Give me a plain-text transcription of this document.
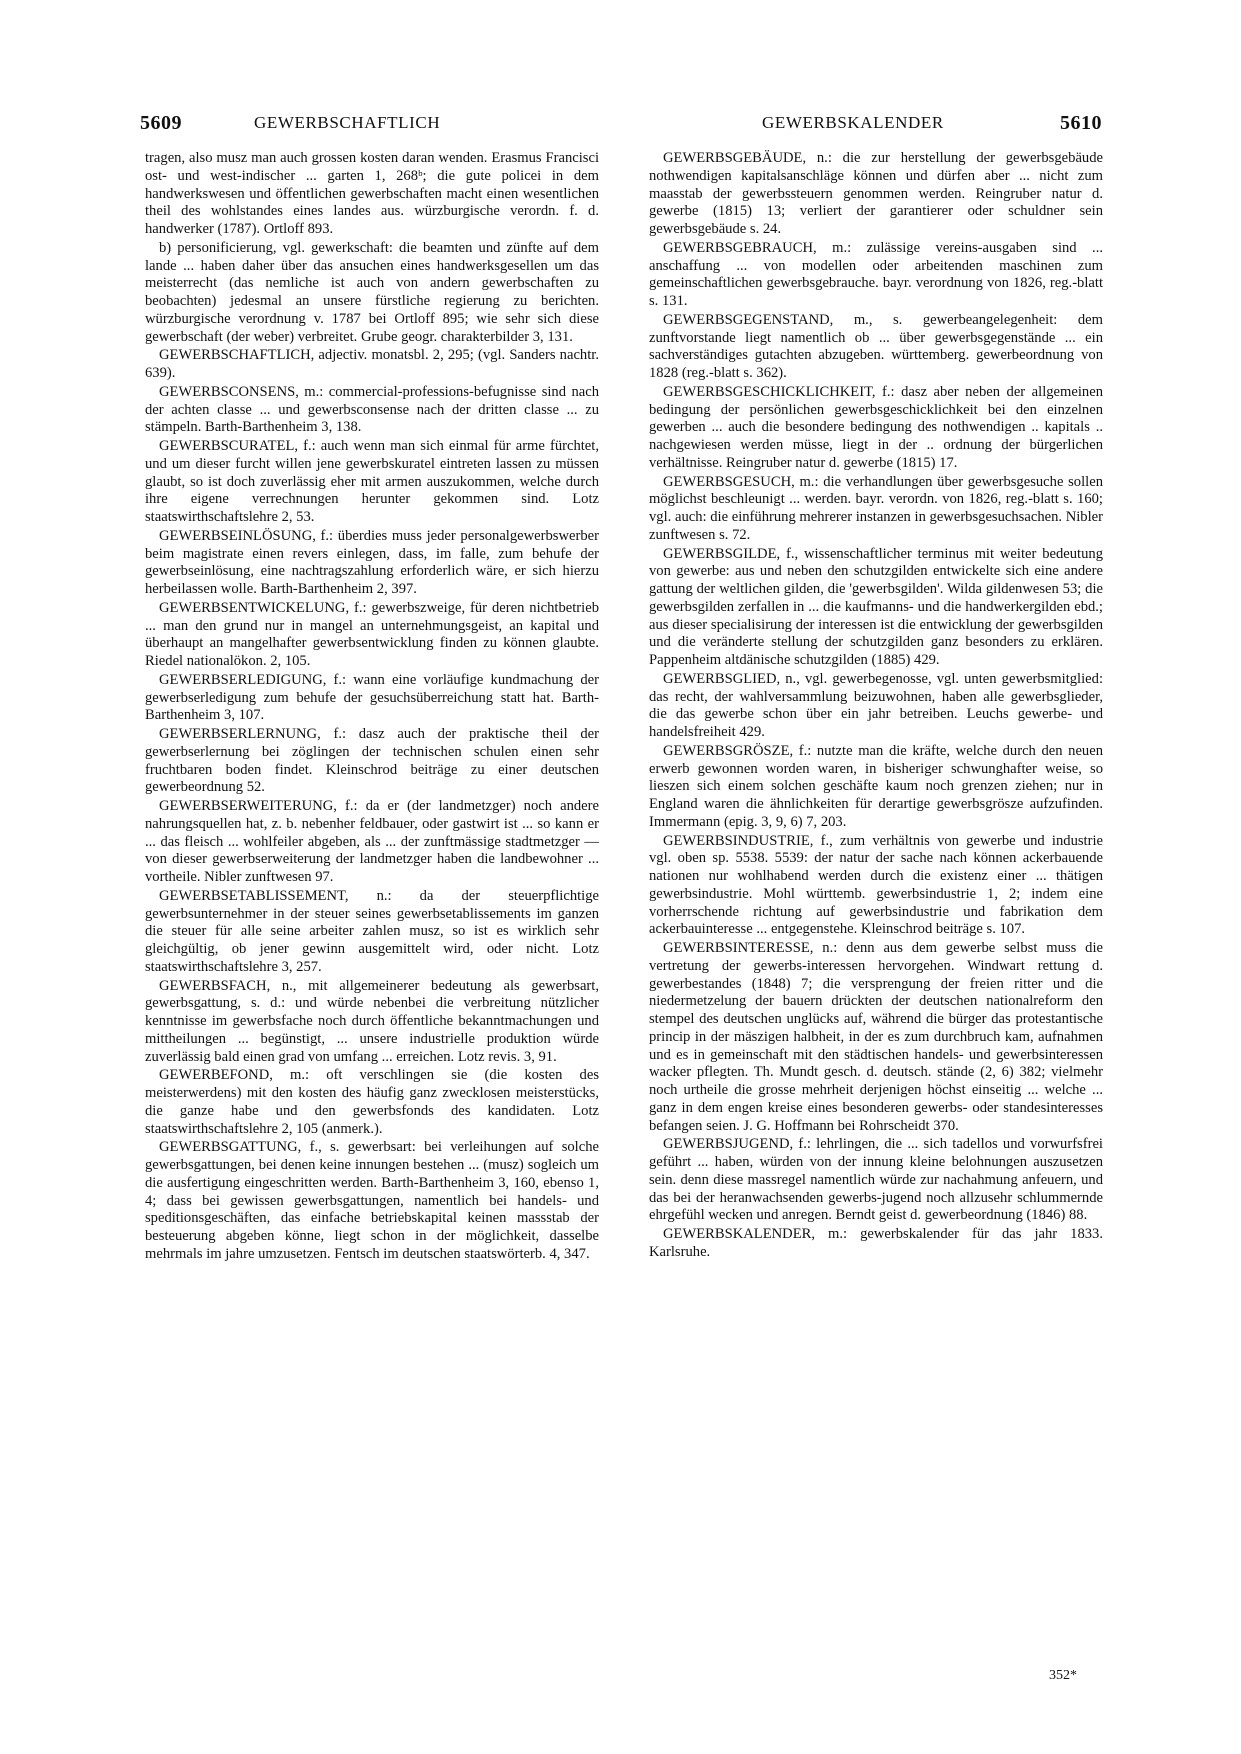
5609	GEWERBSCHAFTLICH	GEWERBSKALENDER	5610

tragen, also musz man auch grossen kosten daran wenden. Erasmus Francisci ost- und west-indischer ... garten 1, 268ᵇ; die gute policei in dem handwerkswesen und öffentlichen gewerbschaften macht einen wesentlichen theil des wohlstandes eines landes aus. würzburgische verordn. f. d. handwerker (1787). Ortloff 893.

b) personificierung, vgl. gewerkschaft: die beamten und zünfte auf dem lande ... haben daher über das ansuchen eines handwerksgesellen um das meisterrecht (das nemliche ist auch von andern gewerbschaften zu beobachten) jedesmal an unsere fürstliche regierung zu berichten. würzburgische verordnung v. 1787 bei Ortloff 895; wie sehr sich diese gewerbschaft (der weber) verbreitet. Grube geogr. charakterbilder 3, 131.

GEWERBSCHAFTLICH, adjectiv. monatsbl. 2, 295; (vgl. Sanders nachtr. 639).

GEWERBSCONSENS, m.: commercial-professions-befugnisse sind nach der achten classe ... und gewerbsconsense nach der dritten classe ... zu stämpeln. Barth-Barthenheim 3, 138.

GEWERBSCURATEL, f.: auch wenn man sich einmal für arme fürchtet, und um dieser furcht willen jene gewerbskuratel eintreten lassen zu müssen glaubt, so ist doch zuverlässig eher mit armen auszukommen, welche durch ihre eigene verrechnungen herunter gekommen sind. Lotz staatswirthschaftslehre 2, 53.

GEWERBSEINLÖSUNG, f.: überdies muss jeder personalgewerbswerber beim magistrate einen revers einlegen, dass, im falle, zum behufe der gewerbseinlösung, eine nachtragszahlung erforderlich wäre, er sich hierzu herbeilassen wolle. Barth-Barthenheim 2, 397.

GEWERBSENTWICKELUNG, f.: gewerbszweige, für deren nichtbetrieb ... man den grund nur in mangel an unternehmungsgeist, an kapital und überhaupt an mangelhafter gewerbsentwicklung finden zu können glaubte. Riedel nationalökon. 2, 105.

GEWERBSERLEDIGUNG, f.: wann eine vorläufige kundmachung der gewerbserledigung zum behufe der gesuchsüberreichung statt hat. Barth-Barthenheim 3, 107.

GEWERBSERLERNUNG, f.: dasz auch der praktische theil der gewerbserlernung bei zöglingen der technischen schulen einen sehr fruchtbaren boden findet. Kleinschrod beiträge zu einer deutschen gewerbeordnung 52.

GEWERBSERWEITERUNG, f.: da er (der landmetzger) noch andere nahrungsquellen hat, z. b. nebenher feldbauer, oder gastwirt ist ... so kann er ... das fleisch ... wohlfeiler abgeben, als ... der zunftmässige stadtmetzger — von dieser gewerbserweiterung der landmetzger haben die landbewohner ... vortheile. Nibler zunftwesen 97.

GEWERBSETABLISSEMENT, n.: da der steuerpflichtige gewerbsunternehmer in der steuer seines gewerbsetablissements im ganzen die steuer für alle seine arbeiter zahlen musz, so ist es wirklich sehr gleichgültig, ob jener gewinn ausgemittelt wird, oder nicht. Lotz staatswirthschaftslehre 3, 257.

GEWERBSFACH, n., mit allgemeinerer bedeutung als gewerbsart, gewerbsgattung, s. d.: und würde nebenbei die verbreitung nützlicher kenntnisse im gewerbsfache noch durch öffentliche bekanntmachungen und mittheilungen ... begünstigt, ... unsere industrielle produktion würde zuverlässig bald einen grad von umfang ... erreichen. Lotz revis. 3, 91.

GEWERBEFOND, m.: oft verschlingen sie (die kosten des meisterwerdens) mit den kosten des häufig ganz zwecklosen meisterstücks, die ganze habe und den gewerbsfonds des kandidaten. Lotz staatswirthschaftslehre 2, 105 (anmerk.).

GEWERBSGATTUNG, f., s. gewerbsart: bei verleihungen auf solche gewerbsgattungen, bei denen keine innungen bestehen ... (musz) sogleich um die ausfertigung eingeschritten werden. Barth-Barthenheim 3, 160, ebenso 1, 4; dass bei gewissen gewerbsgattungen, namentlich bei handels- und speditionsgeschäften, das einfache betriebskapital keinen massstab der besteuerung abgeben könne, liegt schon in der möglichkeit, dasselbe mehrmals im jahre umzusetzen. Fentsch im deutschen staatswörterb. 4, 347.

GEWERBSGEBÄUDE, n.: die zur herstellung der gewerbsgebäude nothwendigen kapitalsanschläge können und dürfen aber ... nicht zum maasstab der gewerbssteuern genommen werden. Reingruber natur d. gewerbe (1815) 13; verliert der garantierer oder schuldner sein gewerbsgebäude s. 24.

GEWERBSGEBRAUCH, m.: zulässige vereins-ausgaben sind ... anschaffung ... von modellen oder arbeitenden maschinen zum gemeinschaftlichen gewerbsgebrauche. bayr. verordnung von 1826, reg.-blatt s. 131.

GEWERBSGEGENSTAND, m., s. gewerbeangelegenheit: dem zunftvorstande liegt namentlich ob ... über gewerbsgegenstände ... ein sachverständiges gutachten abzugeben. württemberg. gewerbeordnung von 1828 (reg.-blatt s. 362).

GEWERBSGESCHICKLICHKEIT, f.: dasz aber neben der allgemeinen bedingung der persönlichen gewerbsgeschicklichkeit bei den einzelnen gewerben ... auch die besondere bedingung des nothwendigen .. kapitals .. nachgewiesen werden müsse, liegt in der .. ordnung der bürgerlichen verhältnisse. Reingruber natur d. gewerbe (1815) 17.

GEWERBSGESUCH, m.: die verhandlungen über gewerbsgesuche sollen möglichst beschleunigt ... werden. bayr. verordn. von 1826, reg.-blatt s. 160; vgl. auch: die einführung mehrerer instanzen in gewerbsgesuchsachen. Nibler zunftwesen s. 72.

GEWERBSGILDE, f., wissenschaftlicher terminus mit weiter bedeutung von gewerbe: aus und neben den schutzgilden entwickelte sich eine andere gattung der weltlichen gilden, die 'gewerbsgilden'. Wilda gildenwesen 53; die gewerbsgilden zerfallen in ... die kaufmanns- und die handwerkergilden ebd.; aus dieser specialisirung der interessen ist die entwicklung der gewerbsgilden und die veränderte stellung der schutzgilden ganz besonders zu erklären. Pappenheim altdänische schutzgilden (1885) 429.

GEWERBSGLIED, n., vgl. gewerbegenosse, vgl. unten gewerbsmitglied: das recht, der wahlversammlung beizuwohnen, haben alle gewerbsglieder, die das gewerbe schon über ein jahr betreiben. Leuchs gewerbe- und handelsfreiheit 429.

GEWERBSGRÖSZE, f.: nutzte man die kräfte, welche durch den neuen erwerb gewonnen worden waren, in bisheriger schwunghafter weise, so lieszen sich einem solchen geschäfte kaum noch grenzen ziehen; nur in England waren die ähnlichkeiten für derartige gewerbsgrösze aufzufinden. Immermann (epig. 3, 9, 6) 7, 203.

GEWERBSINDUSTRIE, f., zum verhältnis von gewerbe und industrie vgl. oben sp. 5538. 5539: der natur der sache nach können ackerbauende nationen nur wohlhabend werden durch die existenz einer ... thätigen gewerbsindustrie. Mohl württemb. gewerbsindustrie 1, 2; indem eine vorherrschende richtung auf gewerbsindustrie und fabrikation dem ackerbauinteresse ... entgegenstehe. Kleinschrod beiträge s. 107.

GEWERBSINTERESSE, n.: denn aus dem gewerbe selbst muss die vertretung der gewerbs-interessen hervorgehen. Windwart rettung d. gewerbestandes (1848) 7; die versprengung der freien ritter und die niedermetzelung der bauern drückten der deutschen nationalreform den stempel des deutschen unglücks auf, während die bürger das protestantische princip in der mäszigen halbheit, in der es zum durchbruch kam, aufnahmen und es in gemeinschaft mit den städtischen handels- und gewerbsinteressen wacker pflegten. Th. Mundt gesch. d. deutsch. stände (2, 6) 382; vielmehr noch urtheile die grosse mehrheit derjenigen höchst einseitig ... welche ... ganz in dem engen kreise eines besonderen gewerbs- oder standesinteresses befangen seien. J. G. Hoffmann bei Rohrscheidt 370.

GEWERBSJUGEND, f.: lehrlingen, die ... sich tadellos und vorwurfsfrei geführt ... haben, würden von der innung kleine belohnungen auszusetzen sein. denn diese massregel namentlich würde zur nachahmung anfeuern, und das bei der heranwachsenden gewerbs-jugend noch allzusehr schlummernde ehrgefühl wecken und anregen. Berndt geist d. gewerbeordnung (1846) 88.

GEWERBSKALENDER, m.: gewerbskalender für das jahr 1833. Karlsruhe.

352*
